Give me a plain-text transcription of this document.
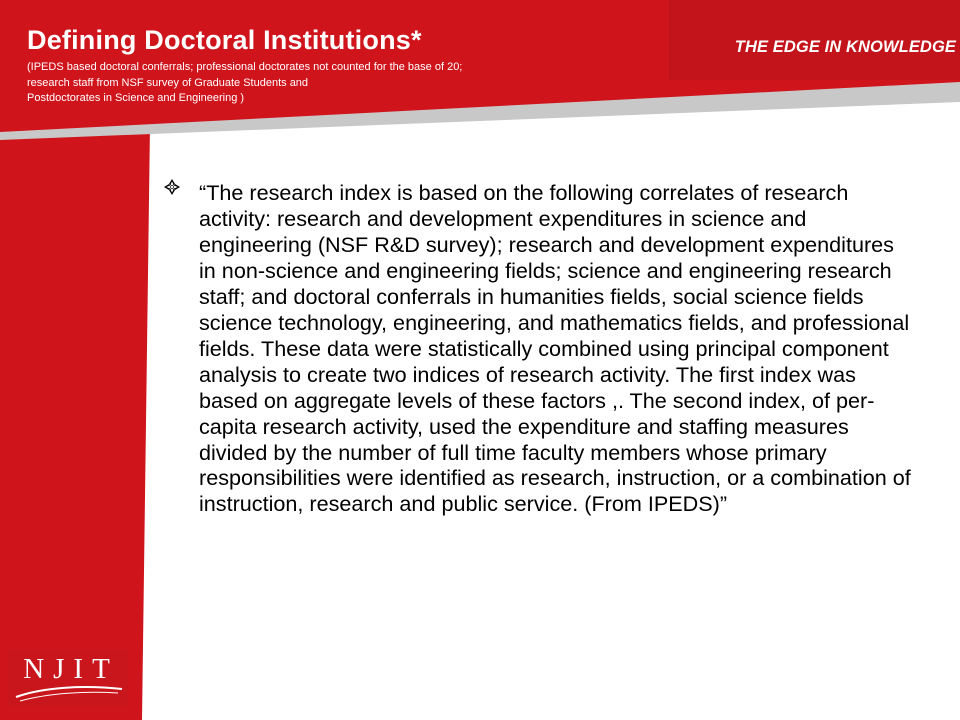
Defining Doctoral Institutions*
(IPEDS based doctoral conferrals; professional doctorates not counted for the base of 20;
research staff from NSF survey of Graduate Students and
Postdoctorates in Science and Engineering )

THE EDGE IN KNOWLEDGE

“The research index is based on the following correlates of research activity: research and development expenditures in science and engineering (NSF R&D survey); research and development expenditures in non-science and engineering fields; science and engineering research staff; and doctoral conferrals in humanities fields, social science fields science technology, engineering, and mathematics fields, and professional fields. These data were statistically combined using principal component analysis to create two indices of research activity. The first index was based on aggregate levels of these factors ,. The second index, of per-capita research activity, used the expenditure and staffing measures divided by the number of full time faculty members whose primary responsibilities were identified as research, instruction, or a combination of instruction, research and public service. (From IPEDS)”

NJIT
